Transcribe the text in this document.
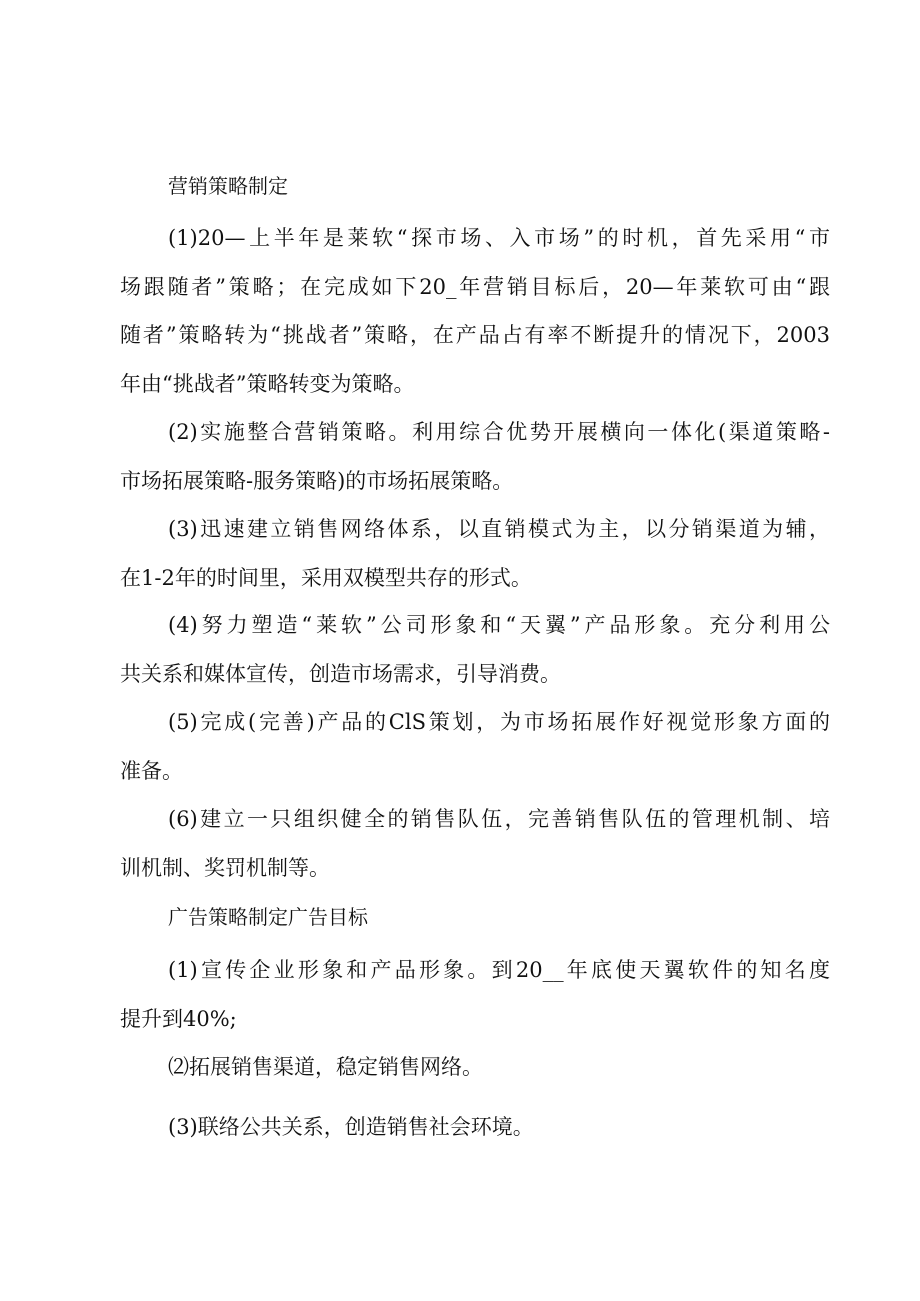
营销策略制定
(1)20—上半年是莱软“探市场、入市场”的时机，首先采用“市
场跟随者”策略；在完成如下20_年营销目标后，20—年莱软可由“跟
随者”策略转为“挑战者”策略，在产品占有率不断提升的情况下，2003
年由“挑战者”策略转变为策略。
(2)实施整合营销策略。利用综合优势开展横向一体化(渠道策略-
市场拓展策略-服务策略)的市场拓展策略。
(3)迅速建立销售网络体系，以直销模式为主，以分销渠道为辅，
在1-2年的时间里，采用双模型共存的形式。
(4)努力塑造“莱软”公司形象和“天翼”产品形象。充分利用公
共关系和媒体宣传，创造市场需求，引导消费。
(5)完成(完善)产品的ClS策划，为市场拓展作好视觉形象方面的
准备。
(6)建立一只组织健全的销售队伍，完善销售队伍的管理机制、培
训机制、奖罚机制等。
广告策略制定广告目标
(1)宣传企业形象和产品形象。到20__年底使天翼软件的知名度
提升到40%;
⑵拓展销售渠道，稳定销售网络。
(3)联络公共关系，创造销售社会环境。
